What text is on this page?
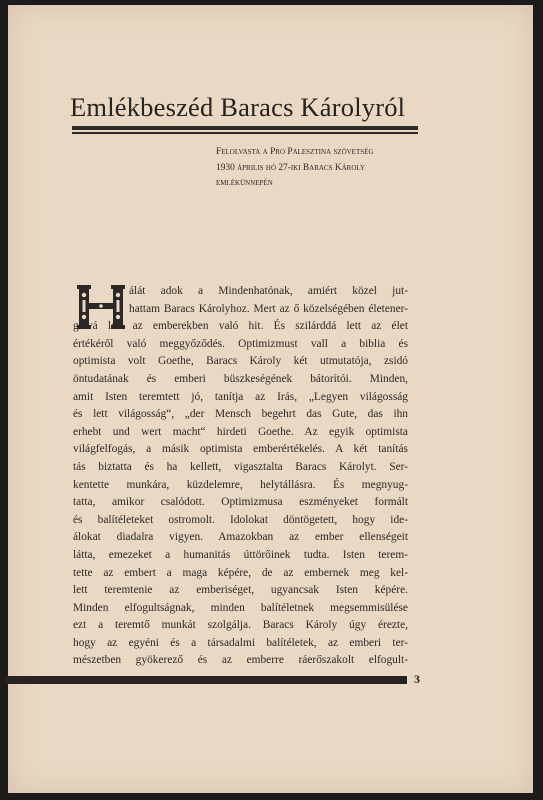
Emlékbeszéd Baracs Károlyról
Felolvasta a Pro Palesztina szövetség
1930 április hó 27-iki Baracs Károly
emlékünnepén
álát adok a Mindenhatónak, amiért közel jut-
hattam Baracs Károlyhoz. Mert az ő közelségében életener-
giává lett az emberekben való hit. És szilárddá lett az élet
értékéről való meggyőződés. Optimizmust vall a biblia és
optimista volt Goethe, Baracs Károly két utmutatója, zsidó
öntudatának és emberi büszkeségének bátorítói. Minden,
amit Isten teremtett jó, tanítja az Irás, „Legyen világosság
és lett világosság“, „der Mensch begehrt das Gute, das ihn
erhebt und wert macht“ hirdeti Goethe. Az egyik optimista
világfelfogás, a másik optimista emberértékelés. A két tanítás
tás biztatta és ha kellett, vigasztalta Baracs Károlyt. Ser-
kentette munkára, küzdelemre, helytállásra. És megnyug-
tatta, amikor csalódott. Optimizmusa eszményeket formált
és balítéleteket ostromolt. Idolokat döntögetett, hogy ide-
álokat diadalra vigyen. Amazokban az ember ellenségeit
látta, emezeket a humanitás úttörőinek tudta. Isten terem-
tette az embert a maga képére, de az embernek meg kel-
lett teremtenie az emberiséget, ugyancsak Isten képére.
Minden elfogultságnak, minden balítéletnek megsemmisülése
ezt a teremtő munkát szolgálja. Baracs Károly úgy érezte,
hogy az egyéni és a társadalmi balítéletek, az emberi ter-
mészetben gyökerező és az emberre ráerőszakolt elfogult-
3
